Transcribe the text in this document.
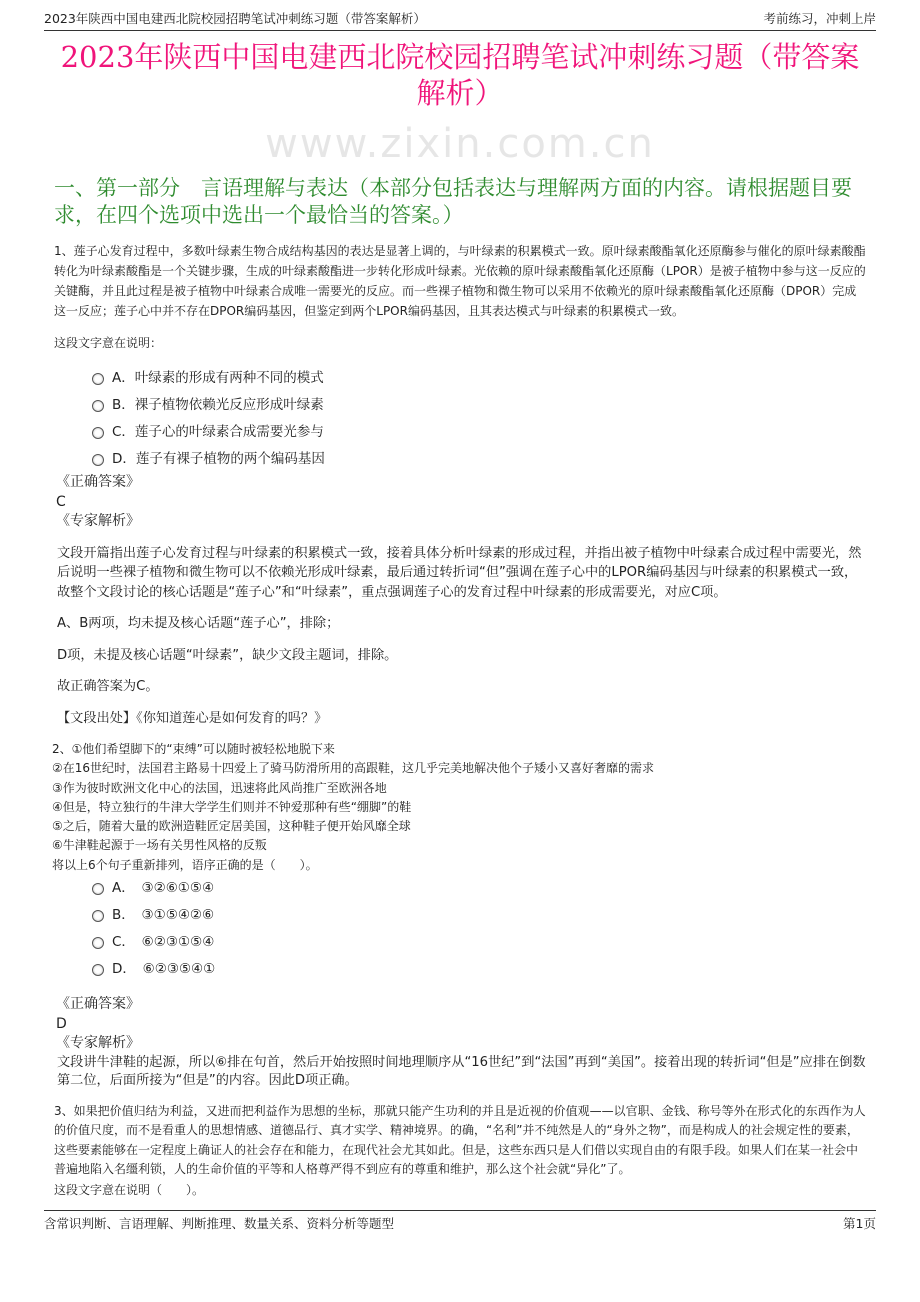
2023年陕西中国电建西北院校园招聘笔试冲刺练习题（带答案解析）	考前练习，冲刺上岸
2023年陕西中国电建西北院校园招聘笔试冲刺练习题（带答案解析）
www.zixin.com.cn
一、第一部分　言语理解与表达（本部分包括表达与理解两方面的内容。请根据题目要求，在四个选项中选出一个最恰当的答案。）
1、莲子心发育过程中，多数叶绿素生物合成结构基因的表达是显著上调的，与叶绿素的积累模式一致。原叶绿素酸酯氧化还原酶参与催化的原叶绿素酸酯转化为叶绿素酸酯是一个关键步骤，生成的叶绿素酸酯进一步转化形成叶绿素。光依赖的原叶绿素酸酯氧化还原酶（LPOR）是被子植物中参与这一反应的关键酶，并且此过程是被子植物中叶绿素合成唯一需要光的反应。而一些裸子植物和微生物可以采用不依赖光的原叶绿素酸酯氧化还原酶（DPOR）完成这一反应；莲子心中并不存在DPOR编码基因，但鉴定到两个LPOR编码基因，且其表达模式与叶绿素的积累模式一致。
这段文字意在说明：
A．叶绿素的形成有两种不同的模式
B．裸子植物依赖光反应形成叶绿素
C．莲子心的叶绿素合成需要光参与
D．莲子有裸子植物的两个编码基因
《正确答案》
C
《专家解析》
文段开篇指出莲子心发育过程与叶绿素的积累模式一致，接着具体分析叶绿素的形成过程，并指出被子植物中叶绿素合成过程中需要光，然后说明一些裸子植物和微生物可以不依赖光形成叶绿素，最后通过转折词“但”强调在莲子心中的LPOR编码基因与叶绿素的积累模式一致，故整个文段讨论的核心话题是“莲子心”和“叶绿素”，重点强调莲子心的发育过程中叶绿素的形成需要光，对应C项。
A、B两项，均未提及核心话题“莲子心”，排除；
D项，未提及核心话题“叶绿素”，缺少文段主题词，排除。
故正确答案为C。
【文段出处】《你知道莲心是如何发育的吗？》
2、①他们希望脚下的“束缚”可以随时被轻松地脱下来
②在16世纪时，法国君主路易十四爱上了骑马防滑所用的高跟鞋，这几乎完美地解决他个子矮小又喜好奢靡的需求
③作为彼时欧洲文化中心的法国，迅速将此风尚推广至欧洲各地
④但是，特立独行的牛津大学学生们则并不钟爱那种有些“绷脚”的鞋
⑤之后，随着大量的欧洲造鞋匠定居美国，这种鞋子便开始风靡全球
⑥牛津鞋起源于一场有关男性风格的反叛
将以上6个句子重新排列，语序正确的是（　　）。
A．　③②⑥①⑤④
B．　③①⑤④②⑥
C．　⑥②③①⑤④
D．　⑥②③⑤④①
《正确答案》
D
《专家解析》
文段讲牛津鞋的起源，所以⑥排在句首，然后开始按照时间地理顺序从“16世纪”到“法国”再到“美国”。接着出现的转折词“但是”应排在倒数第二位，后面所接为“但是”的内容。因此D项正确。
3、如果把价值归结为利益，又进而把利益作为思想的坐标，那就只能产生功利的并且是近视的价值观——以官职、金钱、称号等外在形式化的东西作为人的价值尺度，而不是看重人的思想情感、道德品行、真才实学、精神境界。的确，“名利”并不纯然是人的“身外之物”，而是构成人的社会规定性的要素，这些要素能够在一定程度上确证人的社会存在和能力，在现代社会尤其如此。但是，这些东西只是人们借以实现自由的有限手段。如果人们在某一社会中普遍地陷入名缰利锁，人的生命价值的平等和人格尊严得不到应有的尊重和维护，那么这个社会就“异化”了。
这段文字意在说明（　　）。
含常识判断、言语理解、判断推理、数量关系、资料分析等题型	第1页
